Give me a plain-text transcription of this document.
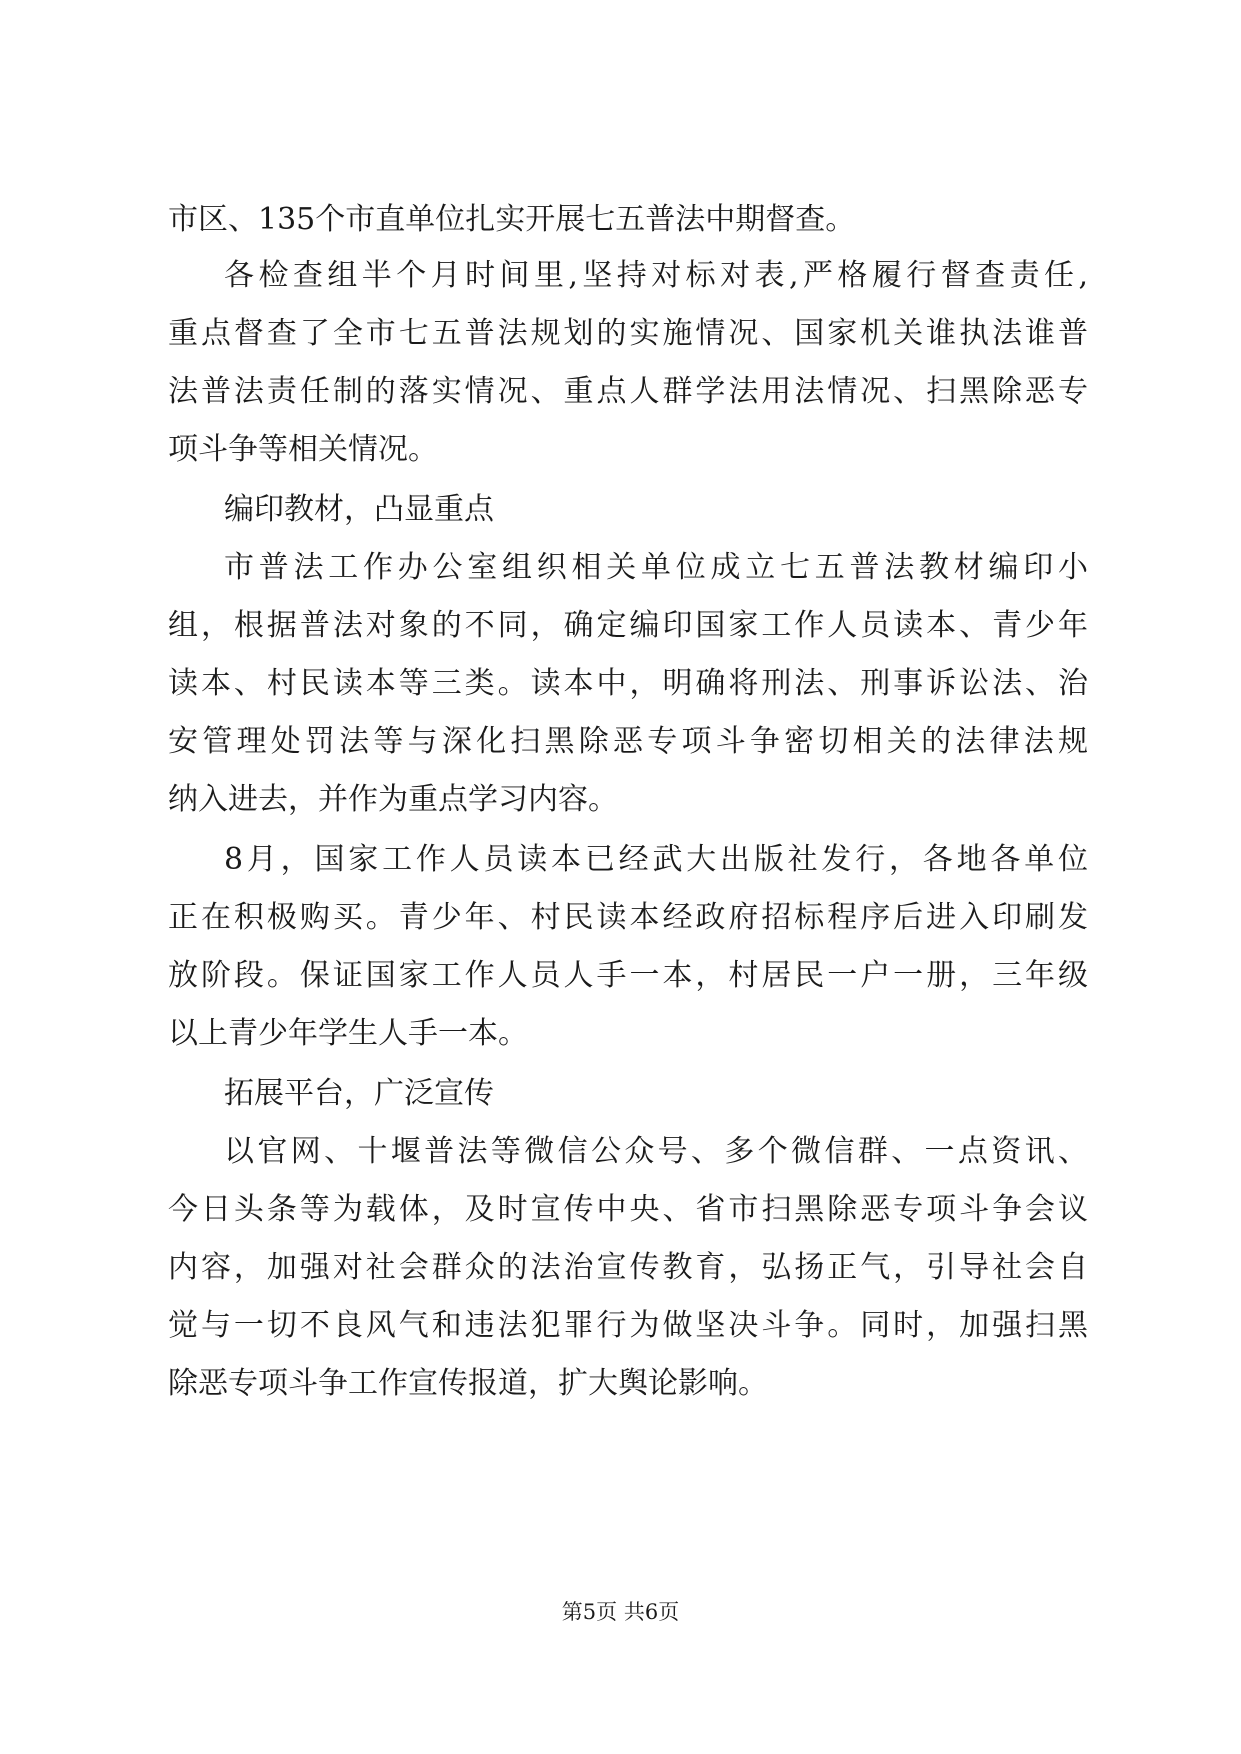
市区、135个市直单位扎实开展七五普法中期督查。
各检查组半个月时间里,坚持对标对表,严格履行督查责任,
重点督查了全市七五普法规划的实施情况、国家机关谁执法谁普
法普法责任制的落实情况、重点人群学法用法情况、扫黑除恶专
项斗争等相关情况。
编印教材，凸显重点
市普法工作办公室组织相关单位成立七五普法教材编印小
组，根据普法对象的不同，确定编印国家工作人员读本、青少年
读本、村民读本等三类。读本中，明确将刑法、刑事诉讼法、治
安管理处罚法等与深化扫黑除恶专项斗争密切相关的法律法规
纳入进去，并作为重点学习内容。
8月，国家工作人员读本已经武大出版社发行，各地各单位
正在积极购买。青少年、村民读本经政府招标程序后进入印刷发
放阶段。保证国家工作人员人手一本，村居民一户一册，三年级
以上青少年学生人手一本。
拓展平台，广泛宣传
以官网、十堰普法等微信公众号、多个微信群、一点资讯、
今日头条等为载体，及时宣传中央、省市扫黑除恶专项斗争会议
内容，加强对社会群众的法治宣传教育，弘扬正气，引导社会自
觉与一切不良风气和违法犯罪行为做坚决斗争。同时，加强扫黑
除恶专项斗争工作宣传报道，扩大舆论影响。
第5页 共6页
